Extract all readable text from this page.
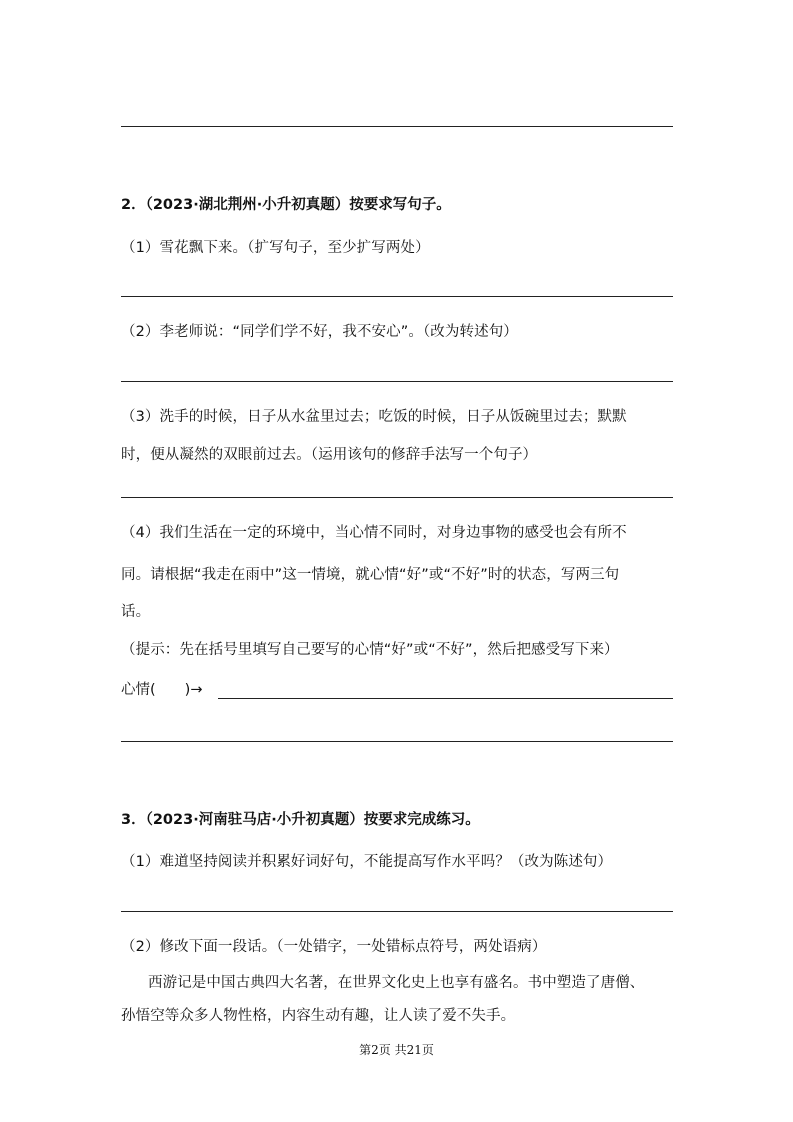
2．（2023·湖北荆州·小升初真题）按要求写句子。
（1）雪花飘下来。（扩写句子，至少扩写两处）
（2）李老师说：“同学们学不好，我不安心”。（改为转述句）
（3）洗手的时候，日子从水盆里过去；吃饭的时候，日子从饭碗里过去；默默
时，便从凝然的双眼前过去。（运用该句的修辞手法写一个句子）
（4）我们生活在一定的环境中，当心情不同时，对身边事物的感受也会有所不
同。请根据“我走在雨中”这一情境，就心情“好”或“不好”时的状态，写两三句
话。
（提示：先在括号里填写自己要写的心情“好”或“不好”，然后把感受写下来）
心情(　　)→
3．（2023·河南驻马店·小升初真题）按要求完成练习。
（1）难道坚持阅读并积累好词好句，不能提高写作水平吗？（改为陈述句）
（2）修改下面一段话。（一处错字，一处错标点符号，两处语病）
西游记是中国古典四大名著，在世界文化史上也享有盛名。书中塑造了唐僧、
孙悟空等众多人物性格，内容生动有趣，让人读了爱不失手。
第2页 共21页
